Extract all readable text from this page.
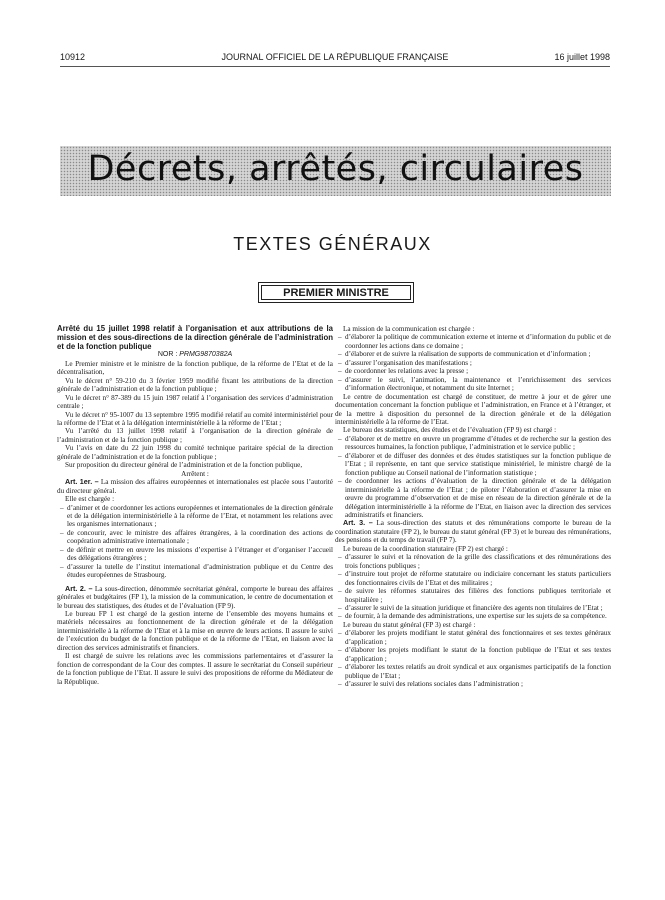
10912	JOURNAL OFFICIEL DE LA RÉPUBLIQUE FRANÇAISE	16 juillet 1998
Décrets, arrêtés, circulaires
TEXTES GÉNÉRAUX
PREMIER MINISTRE

Arrêté du 15 juillet 1998 relatif à l’organisation et aux attributions de la mission et des sous-directions de la direction générale de l’administration et de la fonction publique

NOR : PRMG9870382A

Le Premier ministre et le ministre de la fonction publique, de la réforme de l’Etat et de la décentralisation,

Vu le décret n° 59-210 du 3 février 1959 modifié fixant les attributions de la direction générale de l’administration et de la fonction publique ;

Vu le décret n° 87-389 du 15 juin 1987 relatif à l’organisation des services d’administration centrale ;

Vu le décret n° 95-1007 du 13 septembre 1995 modifié relatif au comité interministériel pour la réforme de l’Etat et à la délégation interministérielle à la réforme de l’Etat ;

Vu l’arrêté du 13 juillet 1998 relatif à l’organisation de la direction générale de l’administration et de la fonction publique ;

Vu l’avis en date du 22 juin 1998 du comité technique paritaire spécial de la direction générale de l’administration et de la fonction publique ;

Sur proposition du directeur général de l’administration et de la fonction publique,

Arrêtent :

Art. 1er. – La mission des affaires européennes et internationales est placée sous l’autorité du directeur général.

Elle est chargée :

– d’animer et de coordonner les actions européennes et internationales de la direction générale et de la délégation interministérielle à la réforme de l’Etat, et notamment les relations avec les organismes internationaux ;

– de concourir, avec le ministre des affaires étrangères, à la coordination des actions de coopération administrative internationale ;

– de définir et mettre en œuvre les missions d’expertise à l’étranger et d’organiser l’accueil des délégations étrangères ;

– d’assurer la tutelle de l’institut international d’administration publique et du Centre des études européennes de Strasbourg.

Art. 2. – La sous-direction, dénommée secrétariat général, comporte le bureau des affaires générales et budgétaires (FP 1), la mission de la communication, le centre de documentation et le bureau des statistiques, des études et de l’évaluation (FP 9).

Le bureau FP 1 est chargé de la gestion interne de l’ensemble des moyens humains et matériels nécessaires au fonctionnement de la direction générale et de la délégation interministérielle à la réforme de l’Etat et à la mise en œuvre de leurs actions. Il assure le suivi de l’exécution du budget de la fonction publique et de la réforme de l’Etat, en liaison avec la direction des services administratifs et financiers.

Il est chargé de suivre les relations avec les commissions parlementaires et d’assurer la fonction de correspondant de la Cour des comptes. Il assure le secrétariat du Conseil supérieur de la fonction publique de l’Etat. Il assure le suivi des propositions de réforme du Médiateur de la République.

La mission de la communication est chargée :

– d’élaborer la politique de communication externe et interne et d’information du public et de coordonner les actions dans ce domaine ;

– d’élaborer et de suivre la réalisation de supports de communication et d’information ;

– d’assurer l’organisation des manifestations ;

– de coordonner les relations avec la presse ;

– d’assurer le suivi, l’animation, la maintenance et l’enrichissement des services d’information électronique, et notamment du site Internet ;

Le centre de documentation est chargé de constituer, de mettre à jour et de gérer une documentation concernant la fonction publique et l’administration, en France et à l’étranger, et de la mettre à disposition du personnel de la direction générale et de la délégation interministérielle à la réforme de l’Etat.

Le bureau des statistiques, des études et de l’évaluation (FP 9) est chargé :

– d’élaborer et de mettre en œuvre un programme d’études et de recherche sur la gestion des ressources humaines, la fonction publique, l’administration et le service public ;

– d’élaborer et de diffuser des données et des études statistiques sur la fonction publique de l’Etat ; il représente, en tant que service statistique ministériel, le ministre chargé de la fonction publique au Conseil national de l’information statistique ;

– de coordonner les actions d’évaluation de la direction générale et de la délégation interministérielle à la réforme de l’Etat ; de piloter l’élaboration et d’assurer la mise en œuvre du programme d’observation et de mise en réseau de la direction générale et de la délégation interministérielle à la réforme de l’Etat, en liaison avec la direction des services administratifs et financiers.

Art. 3. – La sous-direction des statuts et des rémunérations comporte le bureau de la coordination statutaire (FP 2), le bureau du statut général (FP 3) et le bureau des rémunérations, des pensions et du temps de travail (FP 7).

Le bureau de la coordination statutaire (FP 2) est chargé :

– d’assurer le suivi et la rénovation de la grille des classifications et des rémunérations des trois fonctions publiques ;

– d’instruire tout projet de réforme statutaire ou indiciaire concernant les statuts particuliers des fonctionnaires civils de l’Etat et des militaires ;

– de suivre les réformes statutaires des filières des fonctions publiques territoriale et hospitalière ;

– d’assurer le suivi de la situation juridique et financière des agents non titulaires de l’Etat ;

– de fournir, à la demande des administrations, une expertise sur les sujets de sa compétence.

Le bureau du statut général (FP 3) est chargé :

– d’élaborer les projets modifiant le statut général des fonctionnaires et ses textes généraux d’application ;

– d’élaborer les projets modifiant le statut de la fonction publique de l’Etat et ses textes d’application ;

– d’élaborer les textes relatifs au droit syndical et aux organismes participatifs de la fonction publique de l’Etat ;

– d’assurer le suivi des relations sociales dans l’administration ;
